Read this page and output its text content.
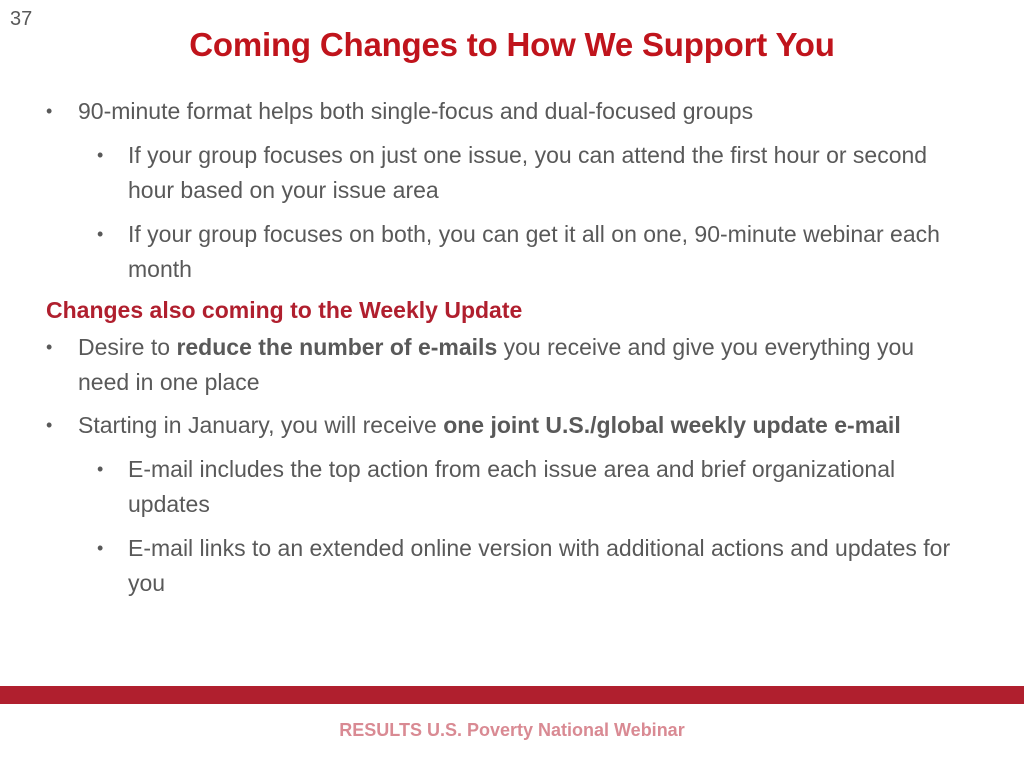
37
Coming Changes to How We Support You
• 90-minute format helps both single-focus and dual-focused groups
• If your group focuses on just one issue, you can attend the first hour or second hour based on your issue area
• If your group focuses on both, you can get it all on one, 90-minute webinar each month
Changes also coming to the Weekly Update
• Desire to reduce the number of e-mails you receive and give you everything you need in one place
• Starting in January, you will receive one joint U.S./global weekly update e-mail
• E-mail includes the top action from each issue area and brief organizational updates
• E-mail links to an extended online version with additional actions and updates for you
RESULTS U.S. Poverty National Webinar
